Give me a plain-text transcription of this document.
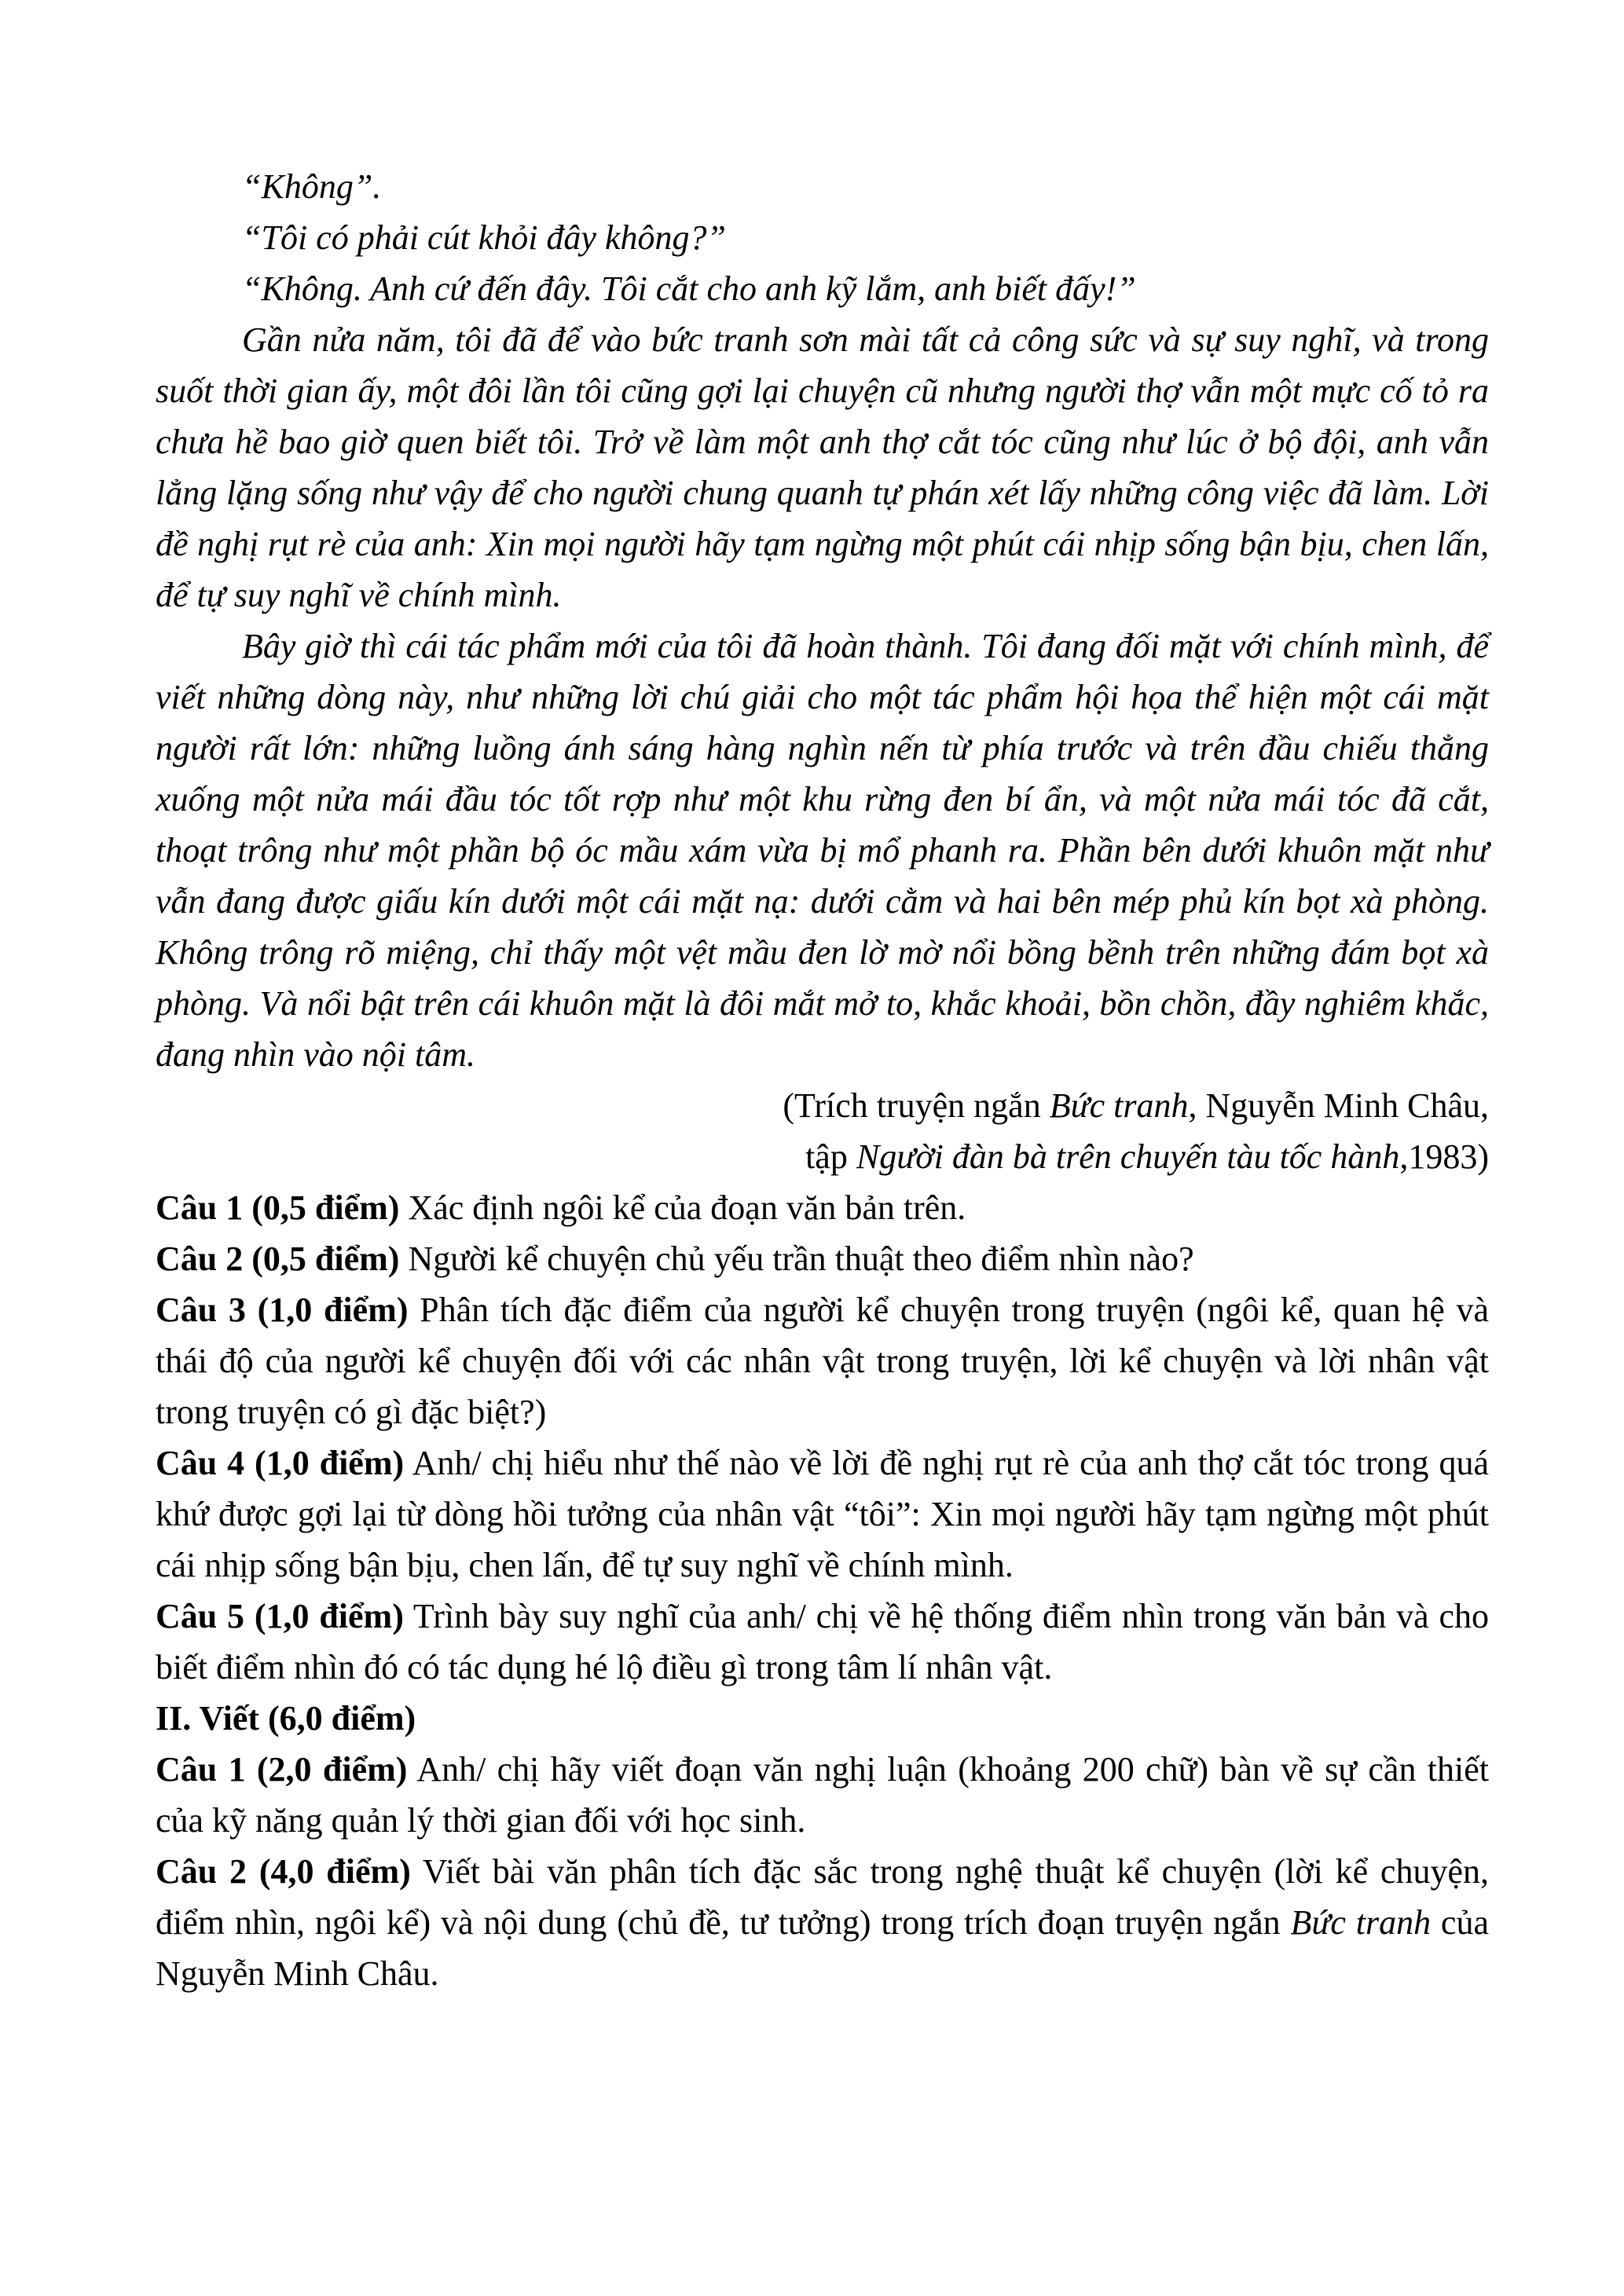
“Không”.

“Tôi có phải cút khỏi đây không?”

“Không. Anh cứ đến đây. Tôi cắt cho anh kỹ lắm, anh biết đấy!”

Gần nửa năm, tôi đã để vào bức tranh sơn mài tất cả công sức và sự suy nghĩ, và trong suốt thời gian ấy, một đôi lần tôi cũng gợi lại chuyện cũ nhưng người thợ vẫn một mực cố tỏ ra chưa hề bao giờ quen biết tôi. Trở về làm một anh thợ cắt tóc cũng như lúc ở bộ đội, anh vẫn lẳng lặng sống như vậy để cho người chung quanh tự phán xét lấy những công việc đã làm. Lời đề nghị rụt rè của anh: Xin mọi người hãy tạm ngừng một phút cái nhịp sống bận bịu, chen lấn, để tự suy nghĩ về chính mình.

Bây giờ thì cái tác phẩm mới của tôi đã hoàn thành. Tôi đang đối mặt với chính mình, để viết những dòng này, như những lời chú giải cho một tác phẩm hội họa thể hiện một cái mặt người rất lớn: những luồng ánh sáng hàng nghìn nến từ phía trước và trên đầu chiếu thẳng xuống một nửa mái đầu tóc tốt rợp như một khu rừng đen bí ẩn, và một nửa mái tóc đã cắt, thoạt trông như một phần bộ óc mầu xám vừa bị mổ phanh ra. Phần bên dưới khuôn mặt như vẫn đang được giấu kín dưới một cái mặt nạ: dưới cằm và hai bên mép phủ kín bọt xà phòng. Không trông rõ miệng, chỉ thấy một vệt mầu đen lờ mờ nổi bồng bềnh trên những đám bọt xà phòng. Và nổi bật trên cái khuôn mặt là đôi mắt mở to, khắc khoải, bồn chồn, đầy nghiêm khắc, đang nhìn vào nội tâm.

(Trích truyện ngắn Bức tranh, Nguyễn Minh Châu,

tập Người đàn bà trên chuyến tàu tốc hành,1983)

Câu 1 (0,5 điểm) Xác định ngôi kể của đoạn văn bản trên.

Câu 2 (0,5 điểm) Người kể chuyện chủ yếu trần thuật theo điểm nhìn nào?

Câu 3 (1,0 điểm) Phân tích đặc điểm của người kể chuyện trong truyện (ngôi kể, quan hệ và thái độ của người kể chuyện đối với các nhân vật trong truyện, lời kể chuyện và lời nhân vật trong truyện có gì đặc biệt?)

Câu 4 (1,0 điểm) Anh/ chị hiểu như thế nào về lời đề nghị rụt rè của anh thợ cắt tóc trong quá khứ được gợi lại từ dòng hồi tưởng của nhân vật “tôi”: Xin mọi người hãy tạm ngừng một phút cái nhịp sống bận bịu, chen lấn, để tự suy nghĩ về chính mình.

Câu 5 (1,0 điểm) Trình bày suy nghĩ của anh/ chị về hệ thống điểm nhìn trong văn bản và cho biết điểm nhìn đó có tác dụng hé lộ điều gì trong tâm lí nhân vật.

II. Viết (6,0 điểm)

Câu 1 (2,0 điểm) Anh/ chị hãy viết đoạn văn nghị luận (khoảng 200 chữ) bàn về sự cần thiết của kỹ năng quản lý thời gian đối với học sinh.

Câu 2 (4,0 điểm) Viết bài văn phân tích đặc sắc trong nghệ thuật kể chuyện (lời kể chuyện, điểm nhìn, ngôi kể) và nội dung (chủ đề, tư tưởng) trong trích đoạn truyện ngắn Bức tranh của Nguyễn Minh Châu.
